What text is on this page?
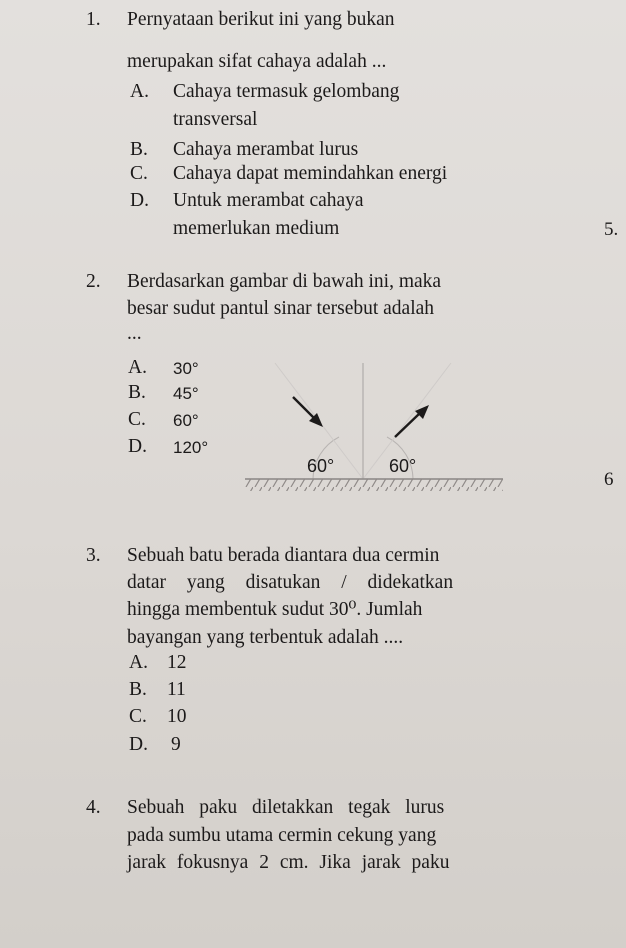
1. Pernyataan berikut ini yang bukan
merupakan sifat cahaya adalah ...
A. Cahaya termasuk gelombang
transversal
B. Cahaya merambat lurus
C. Cahaya dapat memindahkan energi
D. Untuk merambat cahaya
memerlukan medium	5.
2. Berdasarkan gambar di bawah ini, maka
besar sudut pantul sinar tersebut adalah
...
A. 30°
B. 45°
C. 60°
D. 120°
60°	60°
6
3. Sebuah batu berada diantara dua cermin
datar yang disatukan / didekatkan
hingga membentuk sudut 30⁰. Jumlah
bayangan yang terbentuk adalah ....
A. 12
B. 11
C. 10
D. 9
4. Sebuah paku diletakkan tegak lurus
pada sumbu utama cermin cekung yang
jarak fokusnya 2 cm. Jika jarak paku
